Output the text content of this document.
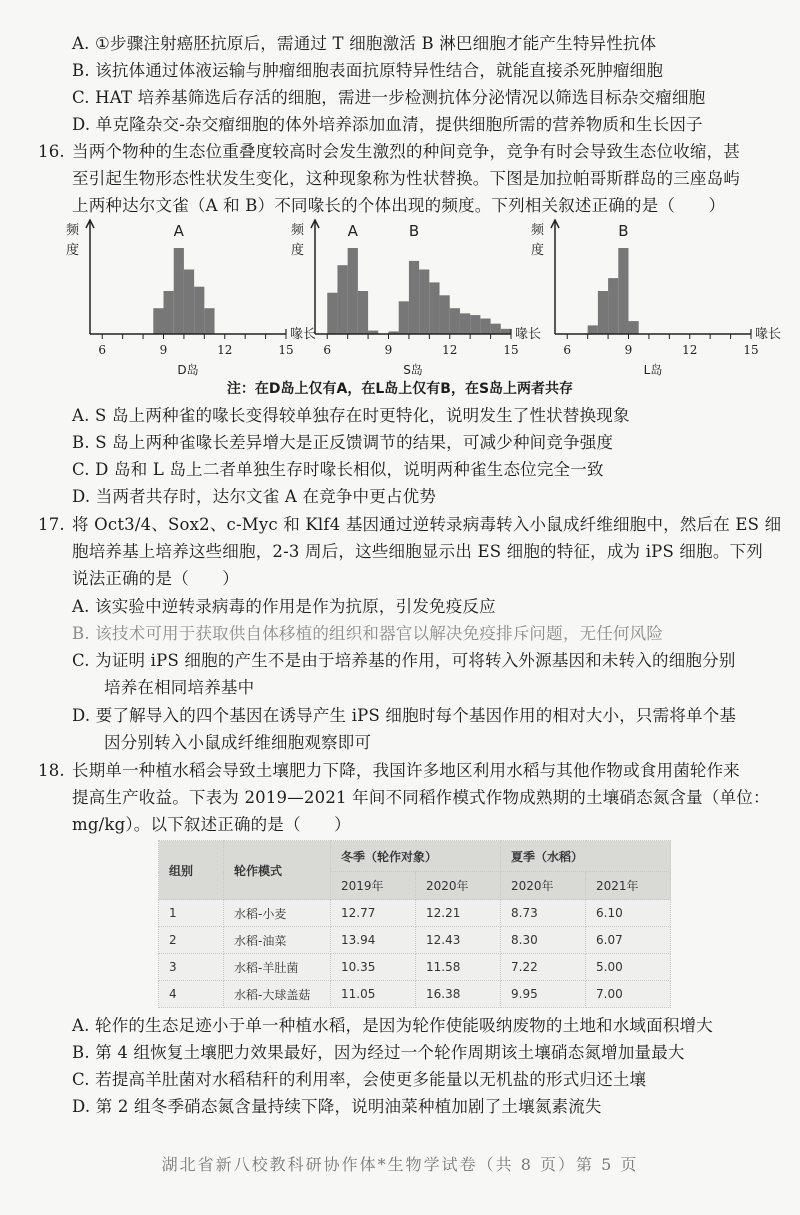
A. ①步骤注射癌胚抗原后，需通过 T 细胞激活 B 淋巴细胞才能产生特异性抗体
B. 该抗体通过体液运输与肿瘤细胞表面抗原特异性结合，就能直接杀死肿瘤细胞
C. HAT 培养基筛选后存活的细胞，需进一步检测抗体分泌情况以筛选目标杂交瘤细胞
D. 单克隆杂交-杂交瘤细胞的体外培养添加血清，提供细胞所需的营养物质和生长因子
16. 当两个物种的生态位重叠度较高时会发生激烈的种间竞争，竞争有时会导致生态位收缩，甚
至引起生物形态性状发生变化，这种现象称为性状替换。下图是加拉帕哥斯群岛的三座岛屿
上两种达尔文雀（A 和 B）不同喙长的个体出现的频度。下列相关叙述正确的是（　　）
A
6	9	12	15
频
度
喙长
D岛
A	B
6	9	12	15
频
度
喙长
S岛
B
6	9	12	15
频
度
喙长
L岛
注：在D岛上仅有A，在L岛上仅有B，在S岛上两者共存
A. S 岛上两种雀的喙长变得较单独存在时更特化，说明发生了性状替换现象
B. S 岛上两种雀喙长差异增大是正反馈调节的结果，可减少种间竞争强度
C. D 岛和 L 岛上二者单独生存时喙长相似，说明两种雀生态位完全一致
D. 当两者共存时，达尔文雀 A 在竞争中更占优势
17. 将 Oct3/4、Sox2、c-Myc 和 Klf4 基因通过逆转录病毒转入小鼠成纤维细胞中，然后在 ES 细
胞培养基上培养这些细胞，2-3 周后，这些细胞显示出 ES 细胞的特征，成为 iPS 细胞。下列
说法正确的是（　　）
A. 该实验中逆转录病毒的作用是作为抗原，引发免疫反应
B. 该技术可用于获取供自体移植的组织和器官以解决免疫排斥问题，无任何风险
C. 为证明 iPS 细胞的产生不是由于培养基的作用，可将转入外源基因和未转入的细胞分别
培养在相同培养基中
D. 要了解导入的四个基因在诱导产生 iPS 细胞时每个基因作用的相对大小，只需将单个基
因分别转入小鼠成纤维细胞观察即可
18. 长期单一种植水稻会导致土壤肥力下降，我国许多地区利用水稻与其他作物或食用菌轮作来
提高生产收益。下表为 2019—2021 年间不同稻作模式作物成熟期的土壤硝态氮含量（单位：
mg/kg）。以下叙述正确的是（　　）
组别	轮作模式	冬季（轮作对象）		夏季（水稻）	
		2019年	2020年	2020年	2021年
1	水稻-小麦	12.77	12.21	8.73	6.10
2	水稻-油菜	13.94	12.43	8.30	6.07
3	水稻-羊肚菌	10.35	11.58	7.22	5.00
4	水稻-大球盖菇	11.05	16.38	9.95	7.00
A. 轮作的生态足迹小于单一种植水稻，是因为轮作使能吸纳废物的土地和水域面积增大
B. 第 4 组恢复土壤肥力效果最好，因为经过一个轮作周期该土壤硝态氮增加量最大
C. 若提高羊肚菌对水稻秸秆的利用率，会使更多能量以无机盐的形式归还土壤
D. 第 2 组冬季硝态氮含量持续下降，说明油菜种植加剧了土壤氮素流失
湖北省新八校教科研协作体*生物学试卷（共 8 页）第 5 页
